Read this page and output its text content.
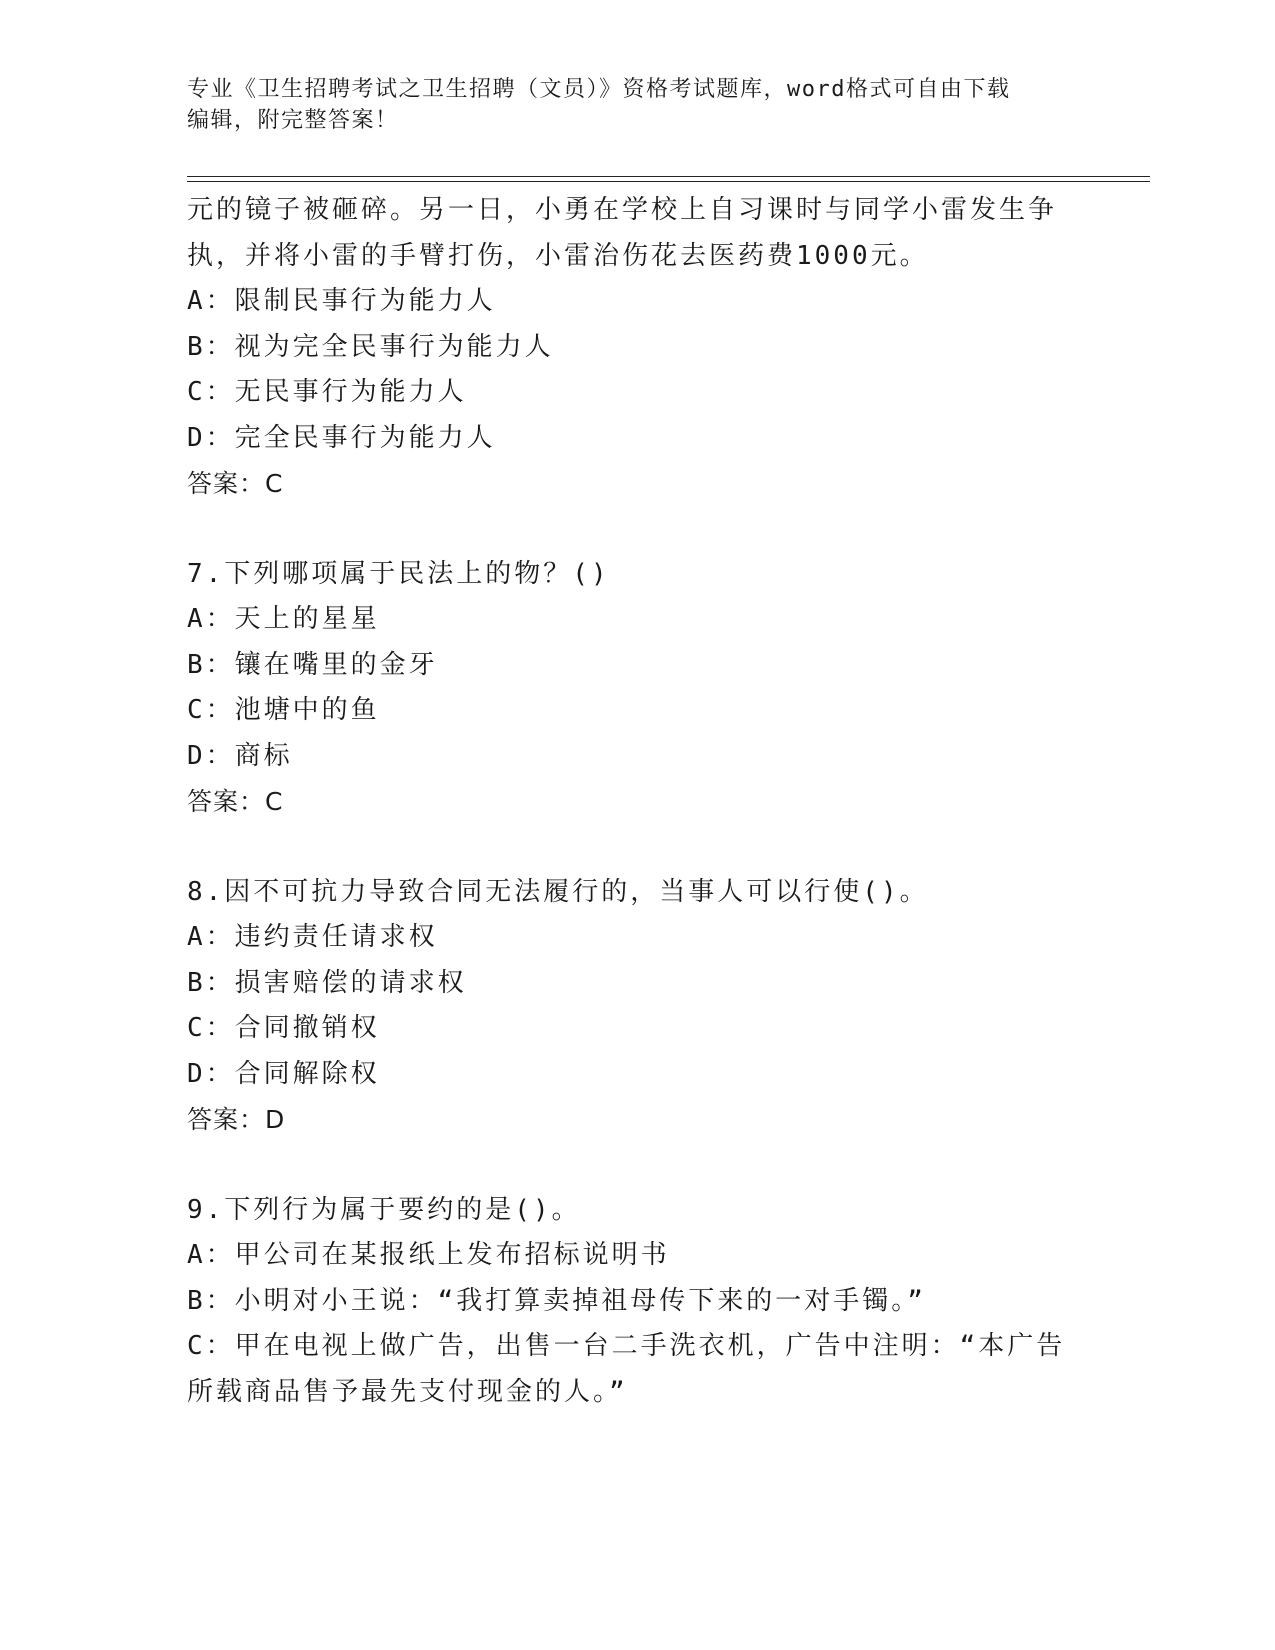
专业《卫生招聘考试之卫生招聘（文员）》资格考试题库，word格式可自由下载
编辑，附完整答案！
元的镜子被砸碎。另一日，小勇在学校上自习课时与同学小雷发生争
执，并将小雷的手臂打伤，小雷治伤花去医药费1000元。
A：限制民事行为能力人
B：视为完全民事行为能力人
C：无民事行为能力人
D：完全民事行为能力人
答案：C
7.下列哪项属于民法上的物？()
A：天上的星星
B：镶在嘴里的金牙
C：池塘中的鱼
D：商标
答案：C
8.因不可抗力导致合同无法履行的，当事人可以行使()。
A：违约责任请求权
B：损害赔偿的请求权
C：合同撤销权
D：合同解除权
答案：D
9.下列行为属于要约的是()。
A：甲公司在某报纸上发布招标说明书
B：小明对小王说：“我打算卖掉祖母传下来的一对手镯。”
C：甲在电视上做广告，出售一台二手洗衣机，广告中注明：“本广告
所载商品售予最先支付现金的人。”
